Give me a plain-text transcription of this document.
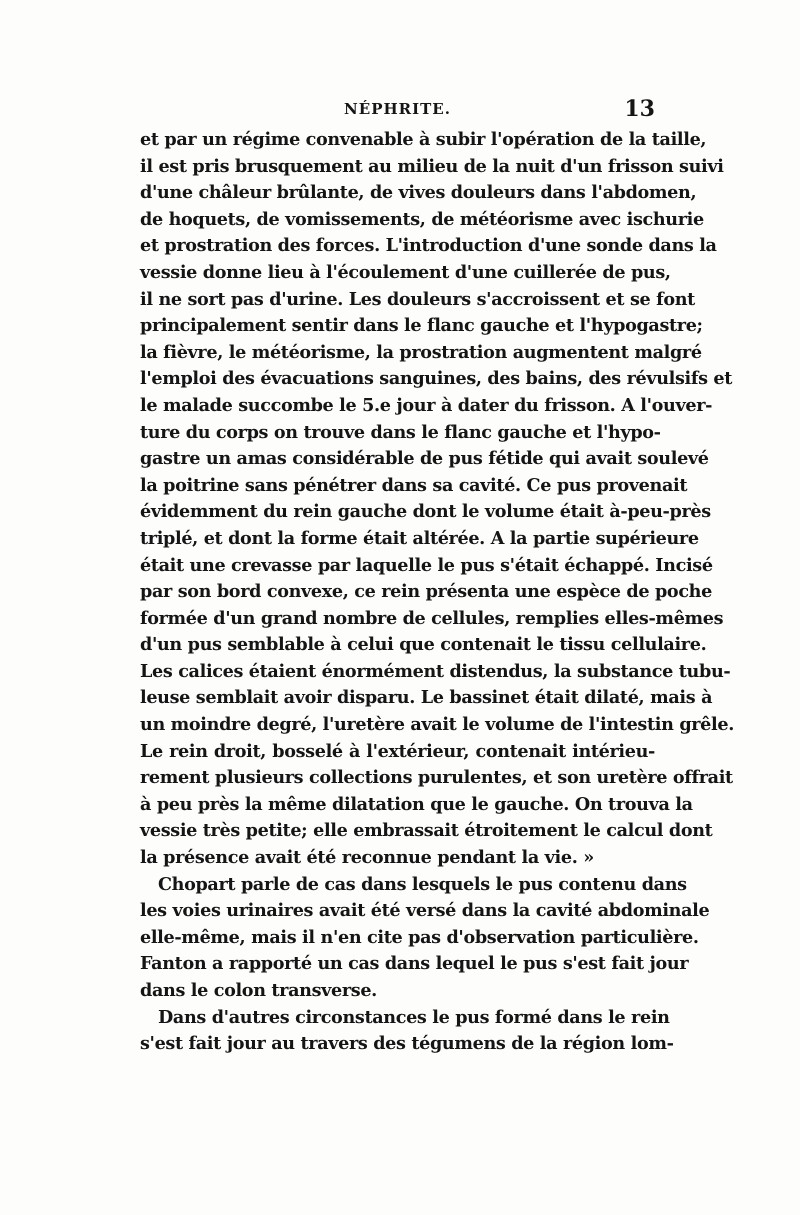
NÉPHRITE.	13
et par un régime convenable à subir l'opération de la taille,
il est pris brusquement au milieu de la nuit d'un frisson suivi
d'une châleur brûlante, de vives douleurs dans l'abdomen,
de hoquets, de vomissements, de météorisme avec ischurie
et prostration des forces. L'introduction d'une sonde dans la
vessie donne lieu à l'écoulement d'une cuillerée de pus,
il ne sort pas d'urine. Les douleurs s'accroissent et se font
principalement sentir dans le flanc gauche et l'hypogastre;
la fièvre, le météorisme, la prostration augmentent malgré
l'emploi des évacuations sanguines, des bains, des révulsifs et
le malade succombe le 5.e jour à dater du frisson. A l'ouver-
ture du corps on trouve dans le flanc gauche et l'hypo-
gastre un amas considérable de pus fétide qui avait soulevé
la poitrine sans pénétrer dans sa cavité. Ce pus provenait
évidemment du rein gauche dont le volume était à-peu-près
triplé, et dont la forme était altérée. A la partie supérieure
était une crevasse par laquelle le pus s'était échappé. Incisé
par son bord convexe, ce rein présenta une espèce de poche
formée d'un grand nombre de cellules, remplies elles-mêmes
d'un pus semblable à celui que contenait le tissu cellulaire.
Les calices étaient énormément distendus, la substance tubu-
leuse semblait avoir disparu. Le bassinet était dilaté, mais à
un moindre degré, l'uretère avait le volume de l'intestin grêle.
Le rein droit, bosselé à l'extérieur, contenait intérieu-
rement plusieurs collections purulentes, et son uretère offrait
à peu près la même dilatation que le gauche. On trouva la
vessie très petite; elle embrassait étroitement le calcul dont
la présence avait été reconnue pendant la vie. »
Chopart parle de cas dans lesquels le pus contenu dans
les voies urinaires avait été versé dans la cavité abdominale
elle-même, mais il n'en cite pas d'observation particulière.
Fanton a rapporté un cas dans lequel le pus s'est fait jour
dans le colon transverse.
Dans d'autres circonstances le pus formé dans le rein
s'est fait jour au travers des tégumens de la région lom-
